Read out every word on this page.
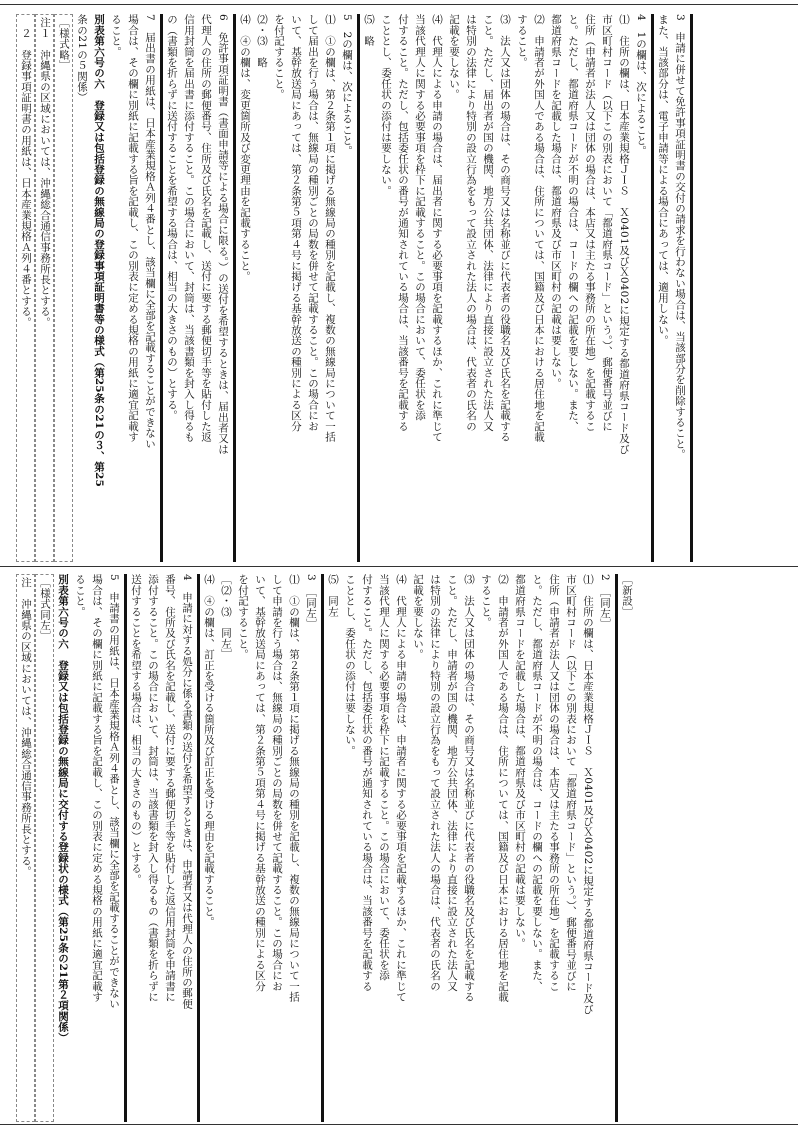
3　申請に併せて免許事項証明書の交付の請求を行わない場合は、当該部分を削除すること。

また、当該部分は、電子申請等による場合にあっては、適用しない。

4　1の欄は、次によること。

⑴　住所の欄は、日本産業規格ＪＩＳ　Ｘ0401及びＸ0402に規定する都道府県コード及び

市区町村コード（以下この別表において「都道府県コード」という。）、郵便番号並びに

住所（申請者が法人又は団体の場合は、本店又は主たる事務所の所在地）を記載するこ

と。ただし、都道府県コードが不明の場合は、コードの欄への記載を要しない。また、

都道府県コードを記載した場合は、都道府県及び市区町村の記載は要しない。

⑵　申請者が外国人である場合は、住所については、国籍及び日本における居住地を記載

すること。

⑶　法人又は団体の場合は、その商号又は名称並びに代表者の役職名及び氏名を記載する

こと。ただし、届出者が国の機関、地方公共団体、法律により直接に設立された法人又

は特別の法律により特別の設立行為をもって設立された法人の場合は、代表者の氏名の

記載を要しない。

⑷　代理人による申請の場合は、届出者に関する必要事項を記載するほか、これに準じて

当該代理人に関する必要事項を枠下に記載すること。この場合において、委任状を添

付すること。ただし、包括委任状の番号が通知されている場合は、当該番号を記載する

こととし、委任状の添付は要しない。

⑸　略

5　2の欄は、次によること。

⑴　①の欄は、第２条第１項に掲げる無線局の種別を記載し、複数の無線局について一括

して届出を行う場合は、無線局の種別ごとの局数を併せて記載すること。この場合にお

いて、基幹放送局にあっては、第２条第５項第４号に掲げる基幹放送の種別による区分

を付記すること。

⑵・⑶　略

⑷　④の欄は、変更箇所及び変更理由を記載すること。

6　免許事項証明書（書面申請等による場合に限る。）の送付を希望するときは、届出者又は

代理人の住所の郵便番号、住所及び氏名を記載し、送付に要する郵便切手等を貼付した返

信用封筒を届出書に添付すること。この場合において、封筒は、当該書類を封入し得るも

の（書類を折らずに送付することを希望する場合は、相当の大きさのもの）とする。

7　届出書の用紙は、日本産業規格Ａ列４番とし、該当欄に全部を記載することができない

場合は、その欄に別紙に記載する旨を記載し、この別表に定める規格の用紙に適宜記載す

ること。

別表第六号の六　登録又は包括登録の無線局の登録事項証明書等の様式（第25条の21の３、第25

条の21の５関係）

［様式略］

注１　沖縄県の区域においては、沖縄総合通信事務所長とする。

　２　登録事項証明書の用紙は、日本産業規格Ａ列４番とする。

［新設］

2　［同左］

⑴　住所の欄は、日本産業規格ＪＩＳ　Ｘ0401及びＸ0402に規定する都道府県コード及び

市区町村コード（以下この別表において「都道府県コード」という。）、郵便番号並びに

住所（申請者が法人又は団体の場合は、本店又は主たる事務所の所在地）を記載するこ

と。ただし、都道府県コードが不明の場合は、コードの欄への記載を要しない。また、

都道府県コードを記載した場合は、都道府県及び市区町村の記載は要しない。

⑵　申請者が外国人である場合は、住所については、国籍及び日本における居住地を記載

すること。

⑶　法人又は団体の場合は、その商号又は名称並びに代表者の役職名及び氏名を記載する

こと。ただし、申請者が国の機関、地方公共団体、法律により直接に設立された法人又

は特別の法律により特別の設立行為をもって設立された法人の場合は、代表者の氏名の

記載を要しない。

⑷　代理人による申請の場合は、申請者に関する必要事項を記載するほか、これに準じて

当該代理人に関する必要事項を枠下に記載すること。この場合において、委任状を添

付すること。ただし、包括委任状の番号が通知されている場合は、当該番号を記載する

こととし、委任状の添付は要しない。

⑸　同左

3　［同左］

⑴　①の欄は、第２条第１項に掲げる無線局の種別を記載し、複数の無線局について一括

して申請を行う場合は、無線局の種別ごとの局数を併せて記載すること。この場合にお

いて、基幹放送局にあっては、第２条第５項第４号に掲げる基幹放送の種別による区分

を付記すること。

［⑵・⑶　同左］

⑷　④の欄は、訂正を受ける箇所及び訂正を受ける理由を記載すること。

4　申請に対する処分に係る書類の送付を希望するときは、申請者又は代理人の住所の郵便

番号、住所及び氏名を記載し、送付に要する郵便切手等を貼付した返信用封筒を申請書に

添付すること。この場合において、封筒は、当該書類を封入し得るもの（書類を折らずに

送付することを希望する場合は、相当の大きさのもの）とする。

5　申請書の用紙は、日本産業規格Ａ列４番とし、該当欄に全部を記載することができない

場合は、その欄に別紙に記載する旨を記載し、この別表に定める規格の用紙に適宜記載す

ること。

別表第六号の六　登録又は包括登録の無線局に交付する登録状の様式（第25条の21第２項関係）

［様式同左］

注　沖縄県の区域においては、沖縄総合通信事務所長とする。
